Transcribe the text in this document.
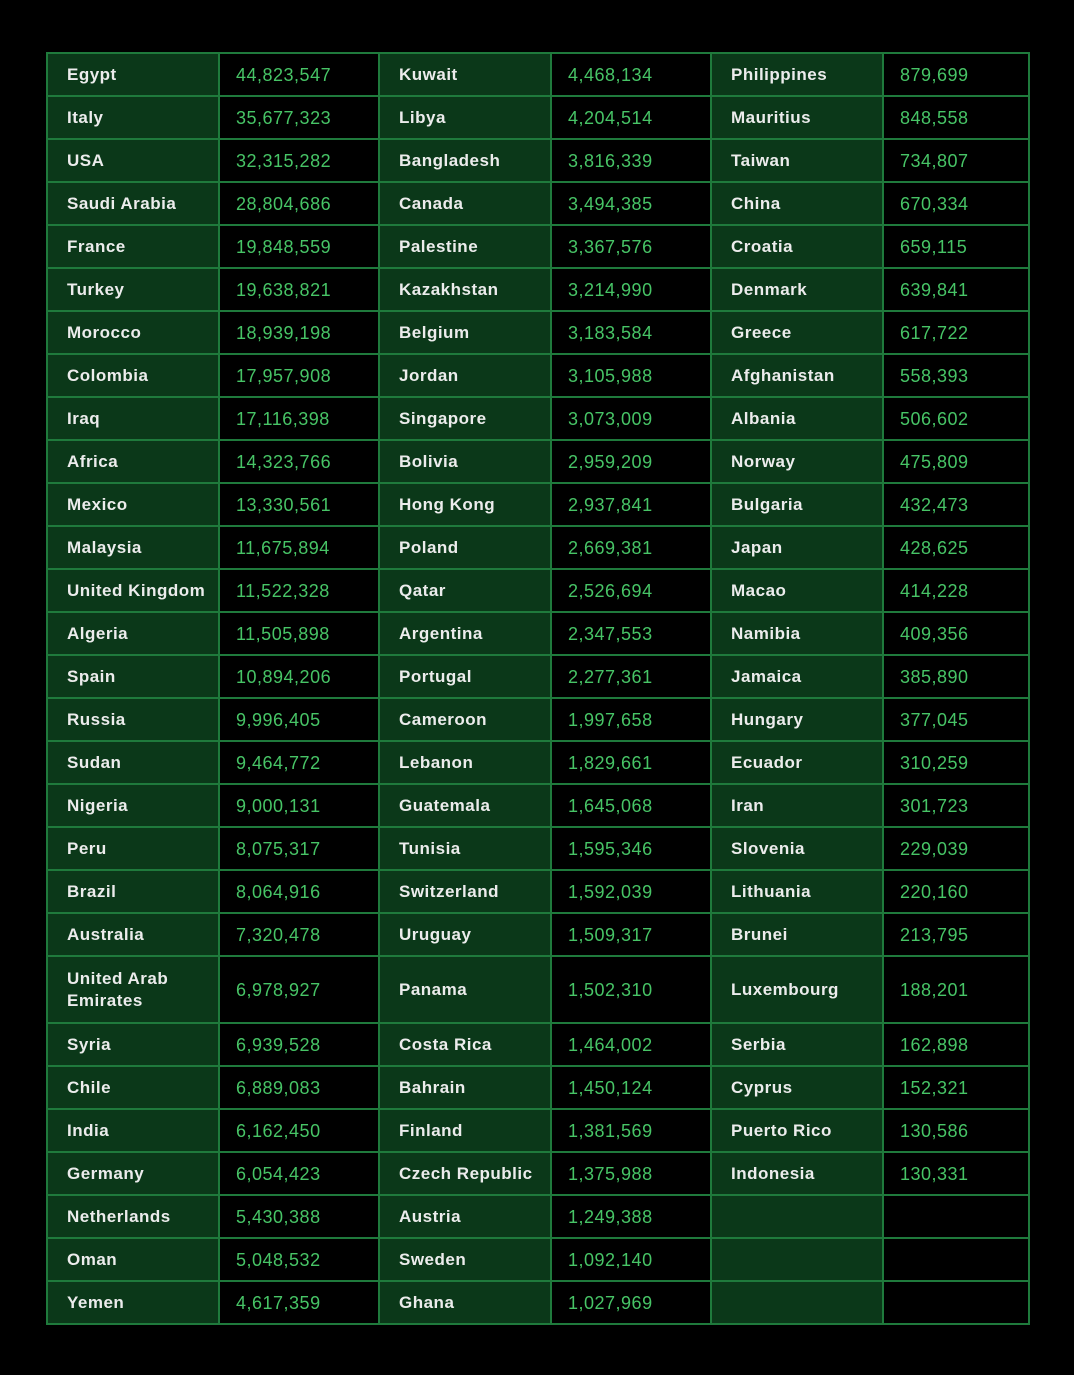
Egypt	44,823,547	Kuwait	4,468,134	Philippines	879,699
Italy	35,677,323	Libya	4,204,514	Mauritius	848,558
USA	32,315,282	Bangladesh	3,816,339	Taiwan	734,807
Saudi Arabia	28,804,686	Canada	3,494,385	China	670,334
France	19,848,559	Palestine	3,367,576	Croatia	659,115
Turkey	19,638,821	Kazakhstan	3,214,990	Denmark	639,841
Morocco	18,939,198	Belgium	3,183,584	Greece	617,722
Colombia	17,957,908	Jordan	3,105,988	Afghanistan	558,393
Iraq	17,116,398	Singapore	3,073,009	Albania	506,602
Africa	14,323,766	Bolivia	2,959,209	Norway	475,809
Mexico	13,330,561	Hong Kong	2,937,841	Bulgaria	432,473
Malaysia	11,675,894	Poland	2,669,381	Japan	428,625
United Kingdom	11,522,328	Qatar	2,526,694	Macao	414,228
Algeria	11,505,898	Argentina	2,347,553	Namibia	409,356
Spain	10,894,206	Portugal	2,277,361	Jamaica	385,890
Russia	9,996,405	Cameroon	1,997,658	Hungary	377,045
Sudan	9,464,772	Lebanon	1,829,661	Ecuador	310,259
Nigeria	9,000,131	Guatemala	1,645,068	Iran	301,723
Peru	8,075,317	Tunisia	1,595,346	Slovenia	229,039
Brazil	8,064,916	Switzerland	1,592,039	Lithuania	220,160
Australia	7,320,478	Uruguay	1,509,317	Brunei	213,795
United Arab Emirates	6,978,927	Panama	1,502,310	Luxembourg	188,201
Syria	6,939,528	Costa Rica	1,464,002	Serbia	162,898
Chile	6,889,083	Bahrain	1,450,124	Cyprus	152,321
India	6,162,450	Finland	1,381,569	Puerto Rico	130,586
Germany	6,054,423	Czech Republic	1,375,988	Indonesia	130,331
Netherlands	5,430,388	Austria	1,249,388		
Oman	5,048,532	Sweden	1,092,140		
Yemen	4,617,359	Ghana	1,027,969		
